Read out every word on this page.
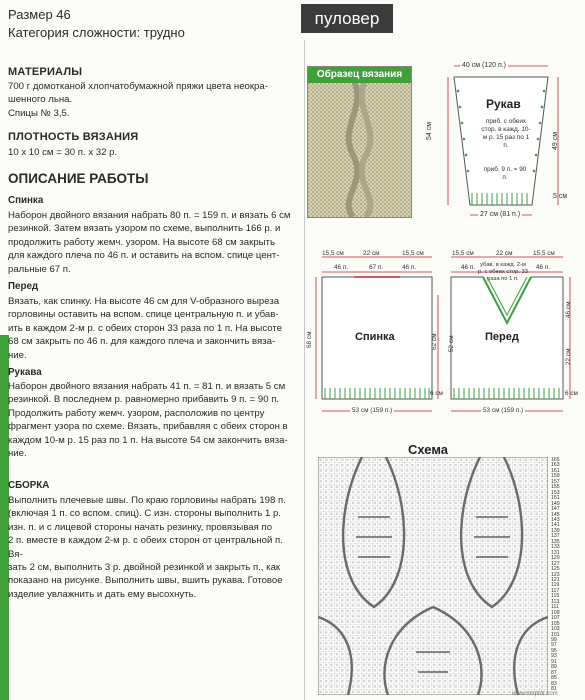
Размер 46
Категория сложности: трудно
пуловер
МАТЕРИАЛЫ
700 г домотканой хлопчатобумажной пряжи цвета неокра-
шенного льна.
Спицы № 3,5.
ПЛОТНОСТЬ ВЯЗАНИЯ
10 х 10 см = 30 п. х 32 р.
ОПИСАНИЕ РАБОТЫ
Спинка
Наборон двойного вязания набрать 80 п. = 159 п. и вязать 6 см
резинкой. Затем вязать узором по схеме, выполнить 166 р. и
продолжить работу жемч. узором. На высоте 68 см закрыть
для каждого плеча по 46 п. и оставить на вспом. спице цент-
ральные 67 п.
Перед
Вязать, как спинку. На высоте 46 см для V-образного выреза
горловины оставить на вспом. спице центральную п. и убав-
ить в каждом 2-м р. с обеих сторон 33 раза по 1 п. На высоте
68 см закрыть по 46 п. для каждого плеча и закончить вяза-
ние.
Рукава
Наборон двойного вязания набрать 41 п. = 81 п. и вязать 5 см
резинкой. В последнем р. равномерно прибавить 9 п. = 90 п.
Продолжить работу жемч. узором, расположив по центру
фрагмент узора по схеме. Вязать, прибавляя с обеих сторон в
каждом 10-м р. 15 раз по 1 п. На высоте 54 см закончить вяза-
ние.
СБОРКА
Выполнить плечевые швы. По краю горловины набрать 198 п.
(включая 1 п. со вспом. спиц). С изн. стороны выполнить 1 р.
изн. п. и с лицевой стороны начать резинку, провязывая по
2 п. вместе в каждом 2-м р. с обеих сторон от центральной п. Вя-
зать 2 см, выполнить 3 р. двойной резинкой и закрыть п., как
показано на рисунке. Выполнить швы, вшить рукава. Готовое
изделие увлажнить и дать ему высохнуть.
Образец вязания
40 см (120 п.)
Рукав
приб. с обеих стор. в кажд. 10-м р. 15 раз по 1 п.
приб. 9 п. = 90 п.
54 см
49 см
5 см
27 см (81 п.)
15,5 см	22 см	15,5 см
46 п.	67 п.	46 п.
Спинка
68 см	62 см
6 см
53 см (159 п.)
15,5 см	22 см	15,5 см
46 п.	46 п.
убав. в кажд. 2-м р. с обеих стор. 33 раза по 1 п.
Перед
46 см
52 см
22 см
6 см
53 см (159 п.)
Схема
165
163
161
159
157
155
153
151
149
147
145
143
141
139
137
135
133
131
129
127
125
123
121
119
117
115
113
111
109
107
105
103
101
99
97
95
93
91
89
87
85
83
81
www.mirptor.com
